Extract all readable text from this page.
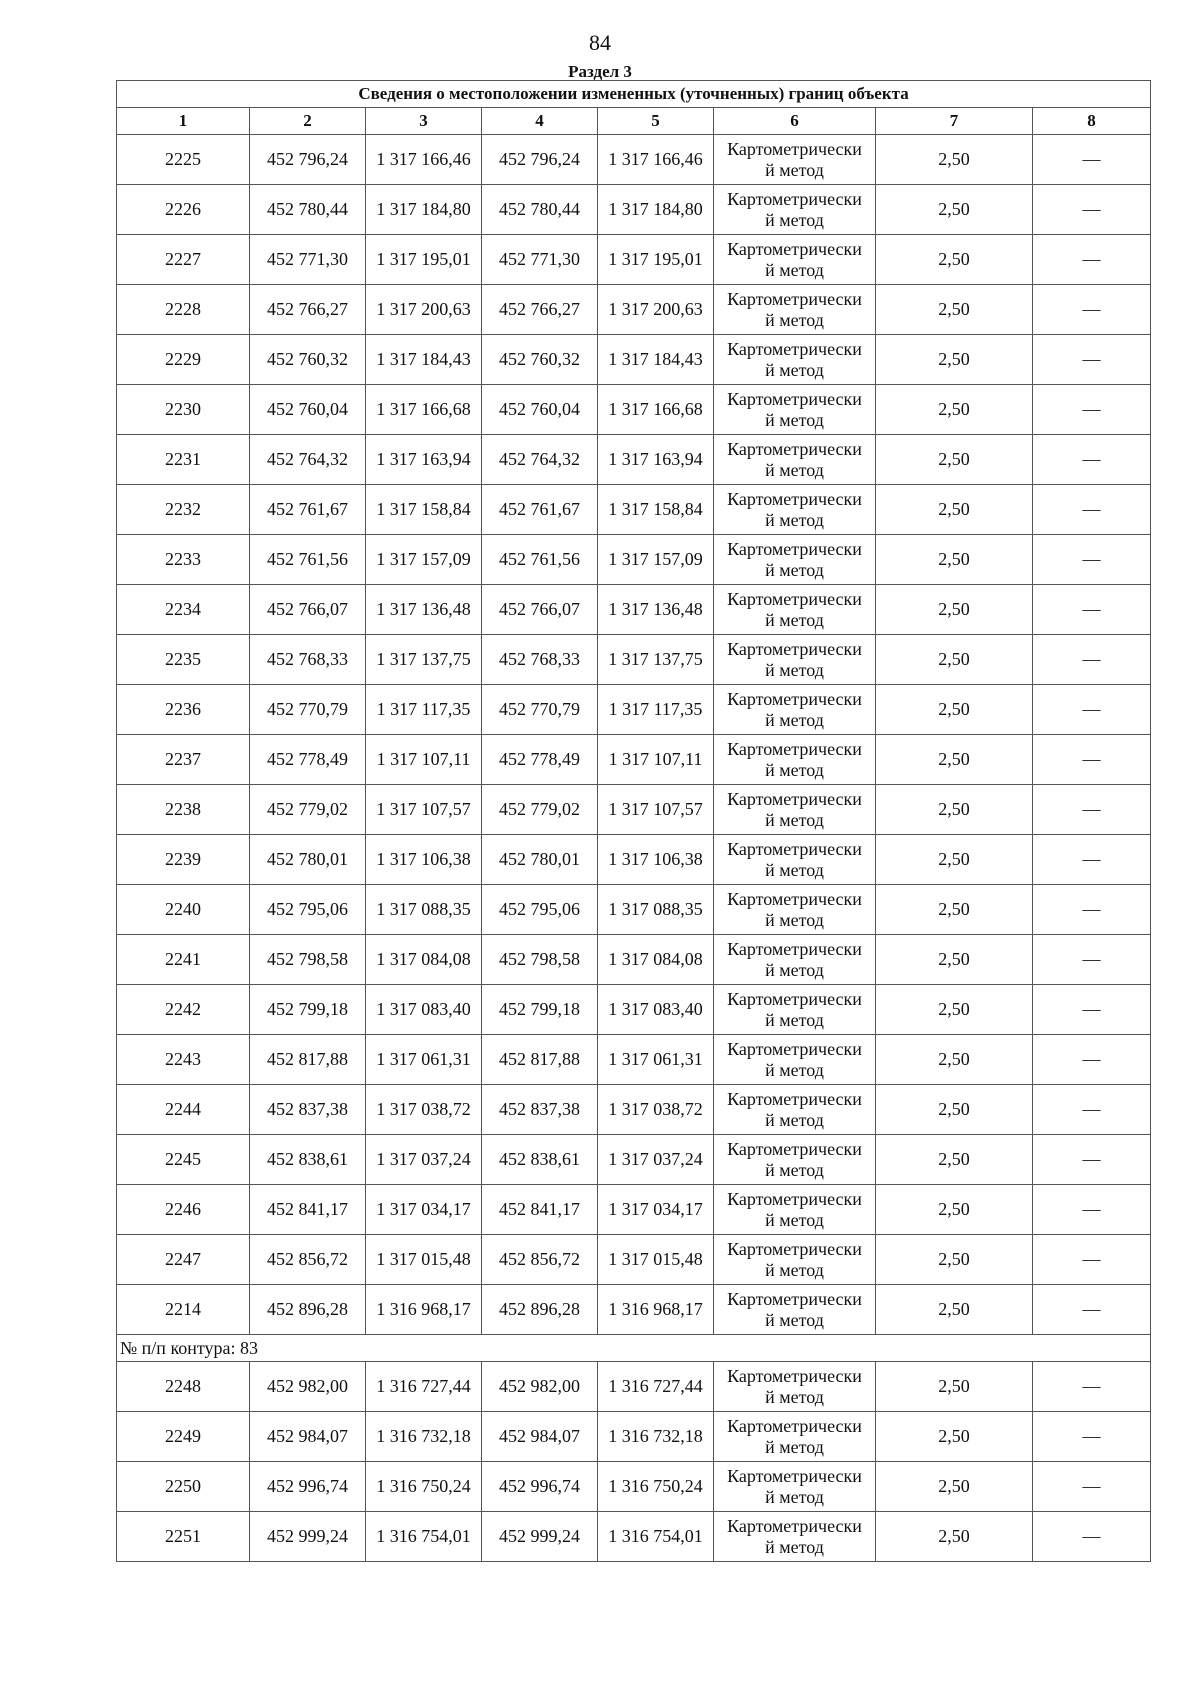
84
Раздел 3
Сведения о местоположении измененных (уточненных) границ объекта							
1	2	3	4	5	6	7	8
2225	452 796,24	1 317 166,46	452 796,24	1 317 166,46	Картометрически
й метод	2,50	—
2226	452 780,44	1 317 184,80	452 780,44	1 317 184,80	Картометрически
й метод	2,50	—
2227	452 771,30	1 317 195,01	452 771,30	1 317 195,01	Картометрически
й метод	2,50	—
2228	452 766,27	1 317 200,63	452 766,27	1 317 200,63	Картометрически
й метод	2,50	—
2229	452 760,32	1 317 184,43	452 760,32	1 317 184,43	Картометрически
й метод	2,50	—
2230	452 760,04	1 317 166,68	452 760,04	1 317 166,68	Картометрически
й метод	2,50	—
2231	452 764,32	1 317 163,94	452 764,32	1 317 163,94	Картометрически
й метод	2,50	—
2232	452 761,67	1 317 158,84	452 761,67	1 317 158,84	Картометрически
й метод	2,50	—
2233	452 761,56	1 317 157,09	452 761,56	1 317 157,09	Картометрически
й метод	2,50	—
2234	452 766,07	1 317 136,48	452 766,07	1 317 136,48	Картометрически
й метод	2,50	—
2235	452 768,33	1 317 137,75	452 768,33	1 317 137,75	Картометрически
й метод	2,50	—
2236	452 770,79	1 317 117,35	452 770,79	1 317 117,35	Картометрически
й метод	2,50	—
2237	452 778,49	1 317 107,11	452 778,49	1 317 107,11	Картометрически
й метод	2,50	—
2238	452 779,02	1 317 107,57	452 779,02	1 317 107,57	Картометрически
й метод	2,50	—
2239	452 780,01	1 317 106,38	452 780,01	1 317 106,38	Картометрически
й метод	2,50	—
2240	452 795,06	1 317 088,35	452 795,06	1 317 088,35	Картометрически
й метод	2,50	—
2241	452 798,58	1 317 084,08	452 798,58	1 317 084,08	Картометрически
й метод	2,50	—
2242	452 799,18	1 317 083,40	452 799,18	1 317 083,40	Картометрически
й метод	2,50	—
2243	452 817,88	1 317 061,31	452 817,88	1 317 061,31	Картометрически
й метод	2,50	—
2244	452 837,38	1 317 038,72	452 837,38	1 317 038,72	Картометрически
й метод	2,50	—
2245	452 838,61	1 317 037,24	452 838,61	1 317 037,24	Картометрически
й метод	2,50	—
2246	452 841,17	1 317 034,17	452 841,17	1 317 034,17	Картометрически
й метод	2,50	—
2247	452 856,72	1 317 015,48	452 856,72	1 317 015,48	Картометрически
й метод	2,50	—
2214	452 896,28	1 316 968,17	452 896,28	1 316 968,17	Картометрически
й метод	2,50	—
№ п/п контура: 83							
2248	452 982,00	1 316 727,44	452 982,00	1 316 727,44	Картометрически
й метод	2,50	—
2249	452 984,07	1 316 732,18	452 984,07	1 316 732,18	Картометрически
й метод	2,50	—
2250	452 996,74	1 316 750,24	452 996,74	1 316 750,24	Картометрически
й метод	2,50	—
2251	452 999,24	1 316 754,01	452 999,24	1 316 754,01	Картометрически
й метод	2,50	—
